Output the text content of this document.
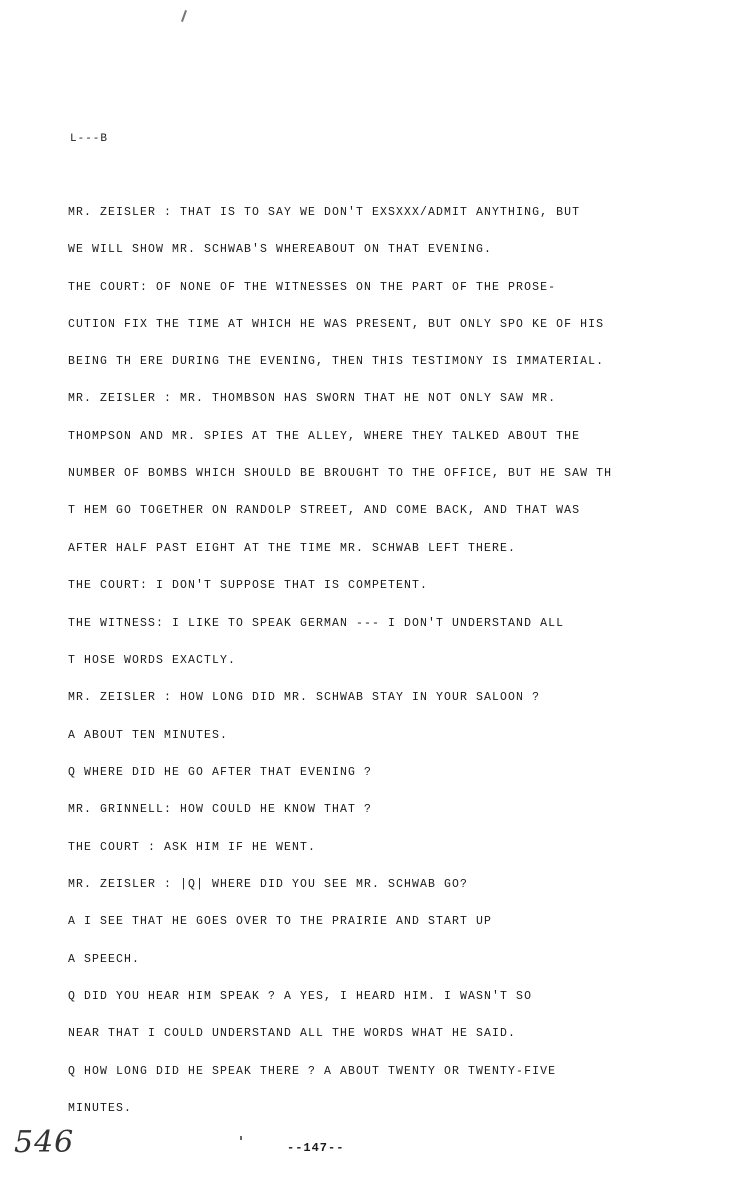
L---B
MR. ZEISLER : THAT IS TO SAY WE DON'T EXSXXX/ADMIT ANYTHING, BUT
WE WILL SHOW MR. SCHWAB'S WHEREABOUT ON THAT EVENING.
THE COURT: OF NONE OF THE WITNESSES ON THE PART OF THE PROSE-
CUTION FIX THE TIME AT WHICH HE WAS PRESENT, BUT ONLY SPO KE OF HIS
BEING TH ERE DURING THE EVENING, THEN THIS TESTIMONY IS IMMATERIAL.
MR. ZEISLER : MR. THOMBSON HAS SWORN THAT HE NOT ONLY SAW MR.
THOMPSON AND MR. SPIES AT THE ALLEY, WHERE THEY TALKED ABOUT THE
NUMBER OF BOMBS WHICH SHOULD BE BROUGHT TO THE OFFICE, BUT HE SAW TH
T HEM GO TOGETHER ON RANDOLP STREET, AND COME BACK, AND THAT WAS
AFTER HALF PAST EIGHT AT THE TIME MR. SCHWAB LEFT THERE.
THE COURT: I DON'T SUPPOSE THAT IS COMPETENT.
THE WITNESS: I LIKE TO SPEAK GERMAN --- I DON'T UNDERSTAND ALL
T HOSE WORDS EXACTLY.
MR. ZEISLER : HOW LONG DID MR. SCHWAB STAY IN YOUR SALOON ?
A ABOUT TEN MINUTES.
Q WHERE DID HE GO AFTER THAT EVENING ?
MR. GRINNELL: HOW COULD HE KNOW THAT ?
THE COURT : ASK HIM IF HE WENT.
MR. ZEISLER : |Q| WHERE DID YOU SEE MR. SCHWAB GO?
A I SEE THAT HE GOES OVER TO THE PRAIRIE AND START UP
A SPEECH.
Q DID YOU HEAR HIM SPEAK ? A YES, I HEARD HIM. I WASN'T SO
NEAR THAT I COULD UNDERSTAND ALL THE WORDS WHAT HE SAID.
Q HOW LONG DID HE SPEAK THERE ? A ABOUT TWENTY OR TWENTY-FIVE
MINUTES.
546	--147--
